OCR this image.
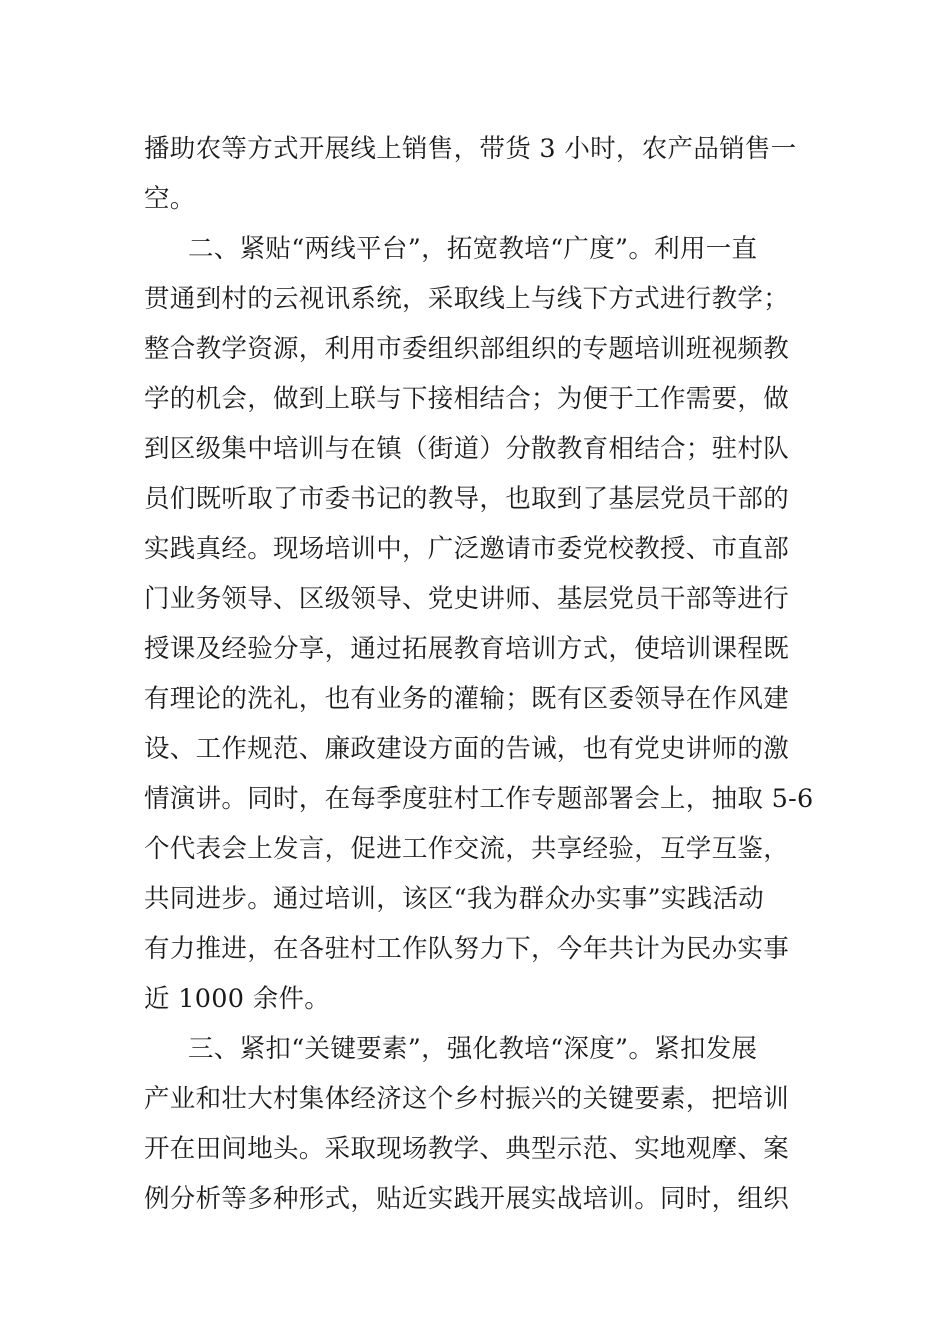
播助农等方式开展线上销售，带货 3 小时，农产品销售一
空。
二、紧贴“两线平台”，拓宽教培“广度”。利用一直
贯通到村的云视讯系统，采取线上与线下方式进行教学；
整合教学资源，利用市委组织部组织的专题培训班视频教
学的机会，做到上联与下接相结合；为便于工作需要，做
到区级集中培训与在镇（街道）分散教育相结合；驻村队
员们既听取了市委书记的教导，也取到了基层党员干部的
实践真经。现场培训中，广泛邀请市委党校教授、市直部
门业务领导、区级领导、党史讲师、基层党员干部等进行
授课及经验分享，通过拓展教育培训方式，使培训课程既
有理论的洗礼，也有业务的灌输；既有区委领导在作风建
设、工作规范、廉政建设方面的告诫，也有党史讲师的激
情演讲。同时，在每季度驻村工作专题部署会上，抽取 5-6
个代表会上发言，促进工作交流，共享经验，互学互鉴，
共同进步。通过培训，该区“我为群众办实事”实践活动
有力推进，在各驻村工作队努力下，今年共计为民办实事
近 1000 余件。
三、紧扣“关键要素”，强化教培“深度”。紧扣发展
产业和壮大村集体经济这个乡村振兴的关键要素，把培训
开在田间地头。采取现场教学、典型示范、实地观摩、案
例分析等多种形式，贴近实践开展实战培训。同时，组织
